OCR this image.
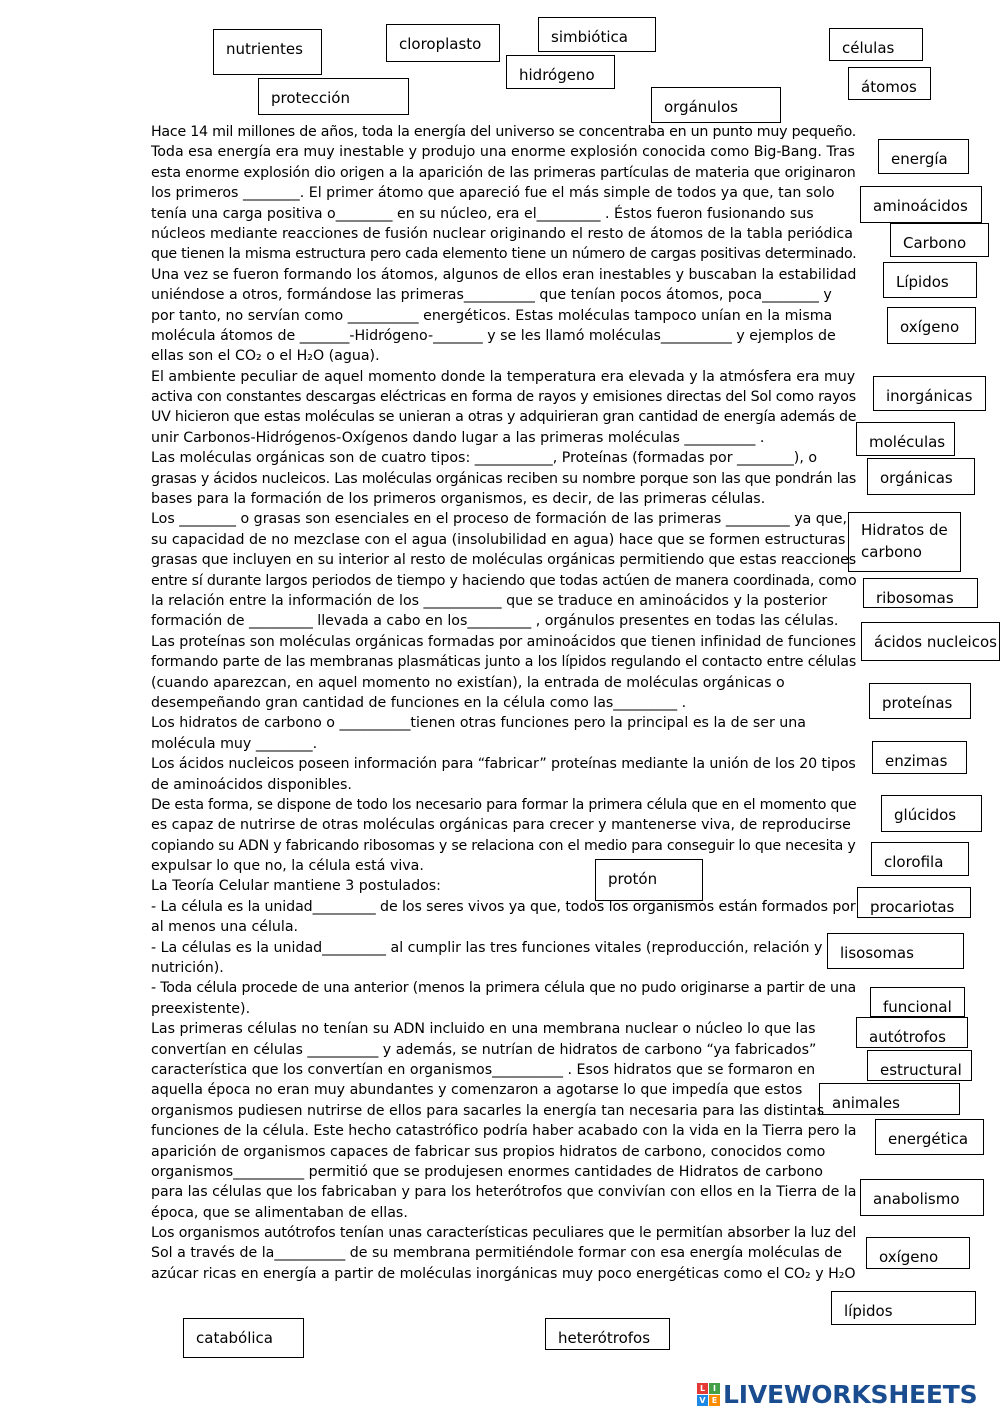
nutrientes	cloroplasto	simbiótica
hidrógeno
células
átomos
protección	orgánulos
energía
aminoácidos
Carbono
Lípidos
oxígeno
inorgánicas
moléculas
orgánicas
Hidratos de carbono
ribosomas
ácidos nucleicos
proteínas
enzimas
glúcidos
clorofila
protón
procariotas
lisosomas
funcional
autótrofos
estructural
animales
energética
anabolismo
oxígeno
lípidos
catabólica	heterótrofos
Hace 14 mil millones de años, toda la energía del universo se concentraba en un punto muy pequeño.
Toda esa energía era muy inestable y produjo una enorme explosión conocida como Big-Bang. Tras
esta enorme explosión dio origen a la aparición de las primeras partículas de materia que originaron
los primeros ________. El primer átomo que apareció fue el más simple de todos ya que, tan solo
tenía una carga positiva o________ en su núcleo, era el_________ . Éstos fueron fusionando sus
núcleos mediante reacciones de fusión nuclear originando el resto de átomos de la tabla periódica
que tienen la misma estructura pero cada elemento tiene un número de cargas positivas determinado.
Una vez se fueron formando los átomos, algunos de ellos eran inestables y buscaban la estabilidad
uniéndose a otros, formándose las primeras__________ que tenían pocos átomos, poca________ y
por tanto, no servían como __________ energéticos. Estas moléculas tampoco unían en la misma
molécula átomos de _______-Hidrógeno-_______ y se les llamó moléculas__________ y ejemplos de
ellas son el CO₂ o el H₂O (agua).
El ambiente peculiar de aquel momento donde la temperatura era elevada y la atmósfera era muy
activa con constantes descargas eléctricas en forma de rayos y emisiones directas del Sol como rayos
UV hicieron que estas moléculas se unieran a otras y adquirieran gran cantidad de energía además de
unir Carbonos-Hidrógenos-Oxígenos dando lugar a las primeras moléculas __________ .
Las moléculas orgánicas son de cuatro tipos: ___________, Proteínas (formadas por ________), o
grasas y ácidos nucleicos. Las moléculas orgánicas reciben su nombre porque son las que pondrán las
bases para la formación de los primeros organismos, es decir, de las primeras células.
Los ________ o grasas son esenciales en el proceso de formación de las primeras _________ ya que,
su capacidad de no mezclase con el agua (insolubilidad en agua) hace que se formen estructuras
grasas que incluyen en su interior al resto de moléculas orgánicas permitiendo que estas reacciones
entre sí durante largos periodos de tiempo y haciendo que todas actúen de manera coordinada, como
la relación entre la información de los ___________ que se traduce en aminoácidos y la posterior
formación de _________ llevada a cabo en los_________ , orgánulos presentes en todas las células.
Las proteínas son moléculas orgánicas formadas por aminoácidos que tienen infinidad de funciones
formando parte de las membranas plasmáticas junto a los lípidos regulando el contacto entre células
(cuando aparezcan, en aquel momento no existían), la entrada de moléculas orgánicas o
desempeñando gran cantidad de funciones en la célula como las_________ .
Los hidratos de carbono o __________tienen otras funciones pero la principal es la de ser una
molécula muy ________.
Los ácidos nucleicos poseen información para “fabricar” proteínas mediante la unión de los 20 tipos
de aminoácidos disponibles.
De esta forma, se dispone de todo los necesario para formar la primera célula que en el momento que
es capaz de nutrirse de otras moléculas orgánicas para crecer y mantenerse viva, de reproducirse
copiando su ADN y fabricando ribosomas y se relaciona con el medio para conseguir lo que necesita y
expulsar lo que no, la célula está viva.
La Teoría Celular mantiene 3 postulados:
- La célula es la unidad_________ de los seres vivos ya que, todos los organismos están formados por
al menos una célula.
- La células es la unidad_________ al cumplir las tres funciones vitales (reproducción, relación y
nutrición).
- Toda célula procede de una anterior (menos la primera célula que no pudo originarse a partir de una
preexistente).
Las primeras células no tenían su ADN incluido en una membrana nuclear o núcleo lo que las
convertían en células __________ y además, se nutrían de hidratos de carbono “ya fabricados”
característica que los convertían en organismos__________ . Esos hidratos que se formaron en
aquella época no eran muy abundantes y comenzaron a agotarse lo que impedía que estos
organismos pudiesen nutrirse de ellos para sacarles la energía tan necesaria para las distintas
funciones de la célula. Este hecho catastrófico podría haber acabado con la vida en la Tierra pero la
aparición de organismos capaces de fabricar sus propios hidratos de carbono, conocidos como
organismos__________ permitió que se produjesen enormes cantidades de Hidratos de carbono
para las células que los fabricaban y para los heterótrofos que convivían con ellos en la Tierra de la
época, que se alimentaban de ellas.
Los organismos autótrofos tenían unas características peculiares que le permitían absorber la luz del
Sol a través de la__________ de su membrana permitiéndole formar con esa energía moléculas de
azúcar ricas en energía a partir de moléculas inorgánicas muy poco energéticas como el CO₂ y H₂O
L I
V E LIVEWORKSHEETS
